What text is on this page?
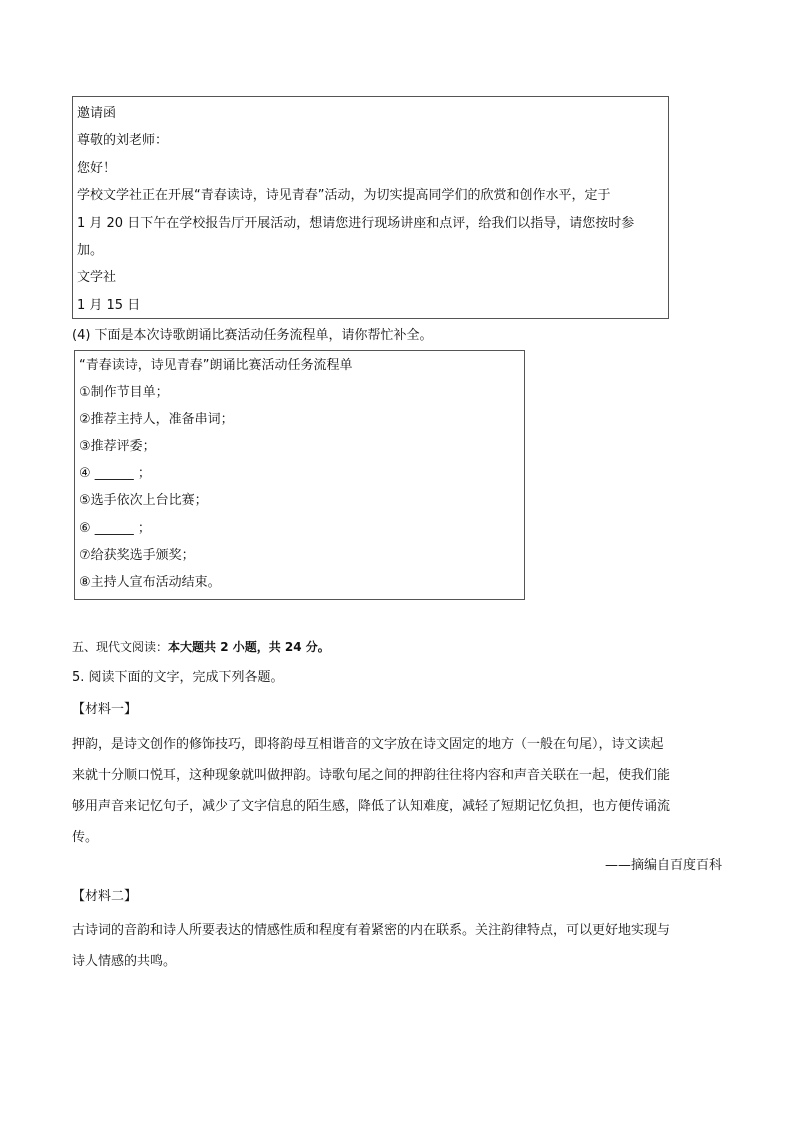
邀请函
尊敬的刘老师：
您好！
学校文学社正在开展“青春读诗，诗见青春”活动，为切实提高同学们的欣赏和创作水平，定于
1 月 20 日下午在学校报告厅开展活动，想请您进行现场讲座和点评，给我们以指导，请您按时参
加。
文学社
1 月 15 日
(4) 下面是本次诗歌朗诵比赛活动任务流程单，请你帮忙补全。
“青春读诗，诗见青春”朗诵比赛活动任务流程单
①制作节目单；
②推荐主持人，准备串词；
③推荐评委；
④ ______ ；
⑤选手依次上台比赛；
⑥ ______ ；
⑦给获奖选手颁奖；
⑧主持人宣布活动结束。
五、现代文阅读：本大题共 2 小题，共 24 分。
5. 阅读下面的文字，完成下列各题。
【材料一】
押韵，是诗文创作的修饰技巧，即将韵母互相谐音的文字放在诗文固定的地方（一般在句尾），诗文读起
来就十分顺口悦耳，这种现象就叫做押韵。诗歌句尾之间的押韵往往将内容和声音关联在一起，使我们能
够用声音来记忆句子，减少了文字信息的陌生感，降低了认知难度，减轻了短期记忆负担，也方便传诵流
传。
——摘编自百度百科
【材料二】
古诗词的音韵和诗人所要表达的情感性质和程度有着紧密的内在联系。关注韵律特点，可以更好地实现与
诗人情感的共鸣。
